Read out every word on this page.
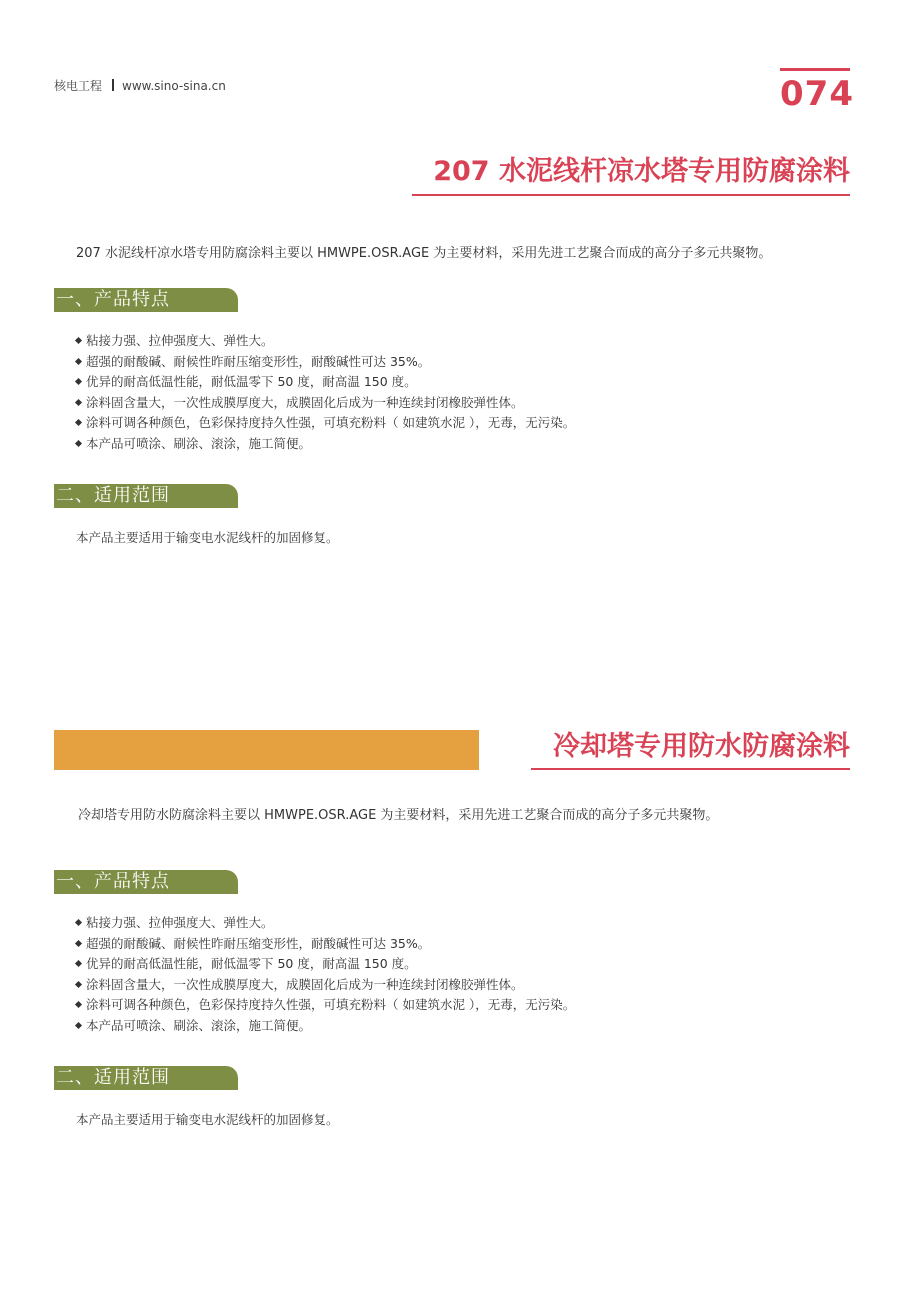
核电工程 www.sino-sina.cn	074
207 水泥线杆凉水塔专用防腐涂料
207 水泥线杆凉水塔专用防腐涂料主要以 HMWPE.OSR.AGE 为主要材料，采用先进工艺聚合而成的高分子多元共聚物。
一、产品特点
粘接力强、拉伸强度大、弹性大。
超强的耐酸碱、耐候性昨耐压缩变形性，耐酸碱性可达 35%。
优异的耐高低温性能，耐低温零下 50 度，耐高温 150 度。
涂料固含量大，一次性成膜厚度大，成膜固化后成为一种连续封闭橡胶弹性体。
涂料可调各种颜色，色彩保持度持久性强，可填充粉料（ 如建筑水泥 ），无毒，无污染。
本产品可喷涂、刷涂、滚涂，施工简便。
二、适用范围
本产品主要适用于输变电水泥线杆的加固修复。
冷却塔专用防水防腐涂料
冷却塔专用防水防腐涂料主要以 HMWPE.OSR.AGE 为主要材料，采用先进工艺聚合而成的高分子多元共聚物。
一、产品特点
粘接力强、拉伸强度大、弹性大。
超强的耐酸碱、耐候性昨耐压缩变形性，耐酸碱性可达 35%。
优异的耐高低温性能，耐低温零下 50 度，耐高温 150 度。
涂料固含量大，一次性成膜厚度大，成膜固化后成为一种连续封闭橡胶弹性体。
涂料可调各种颜色，色彩保持度持久性强，可填充粉料（ 如建筑水泥 ），无毒，无污染。
本产品可喷涂、刷涂、滚涂，施工简便。
二、适用范围
本产品主要适用于输变电水泥线杆的加固修复。
